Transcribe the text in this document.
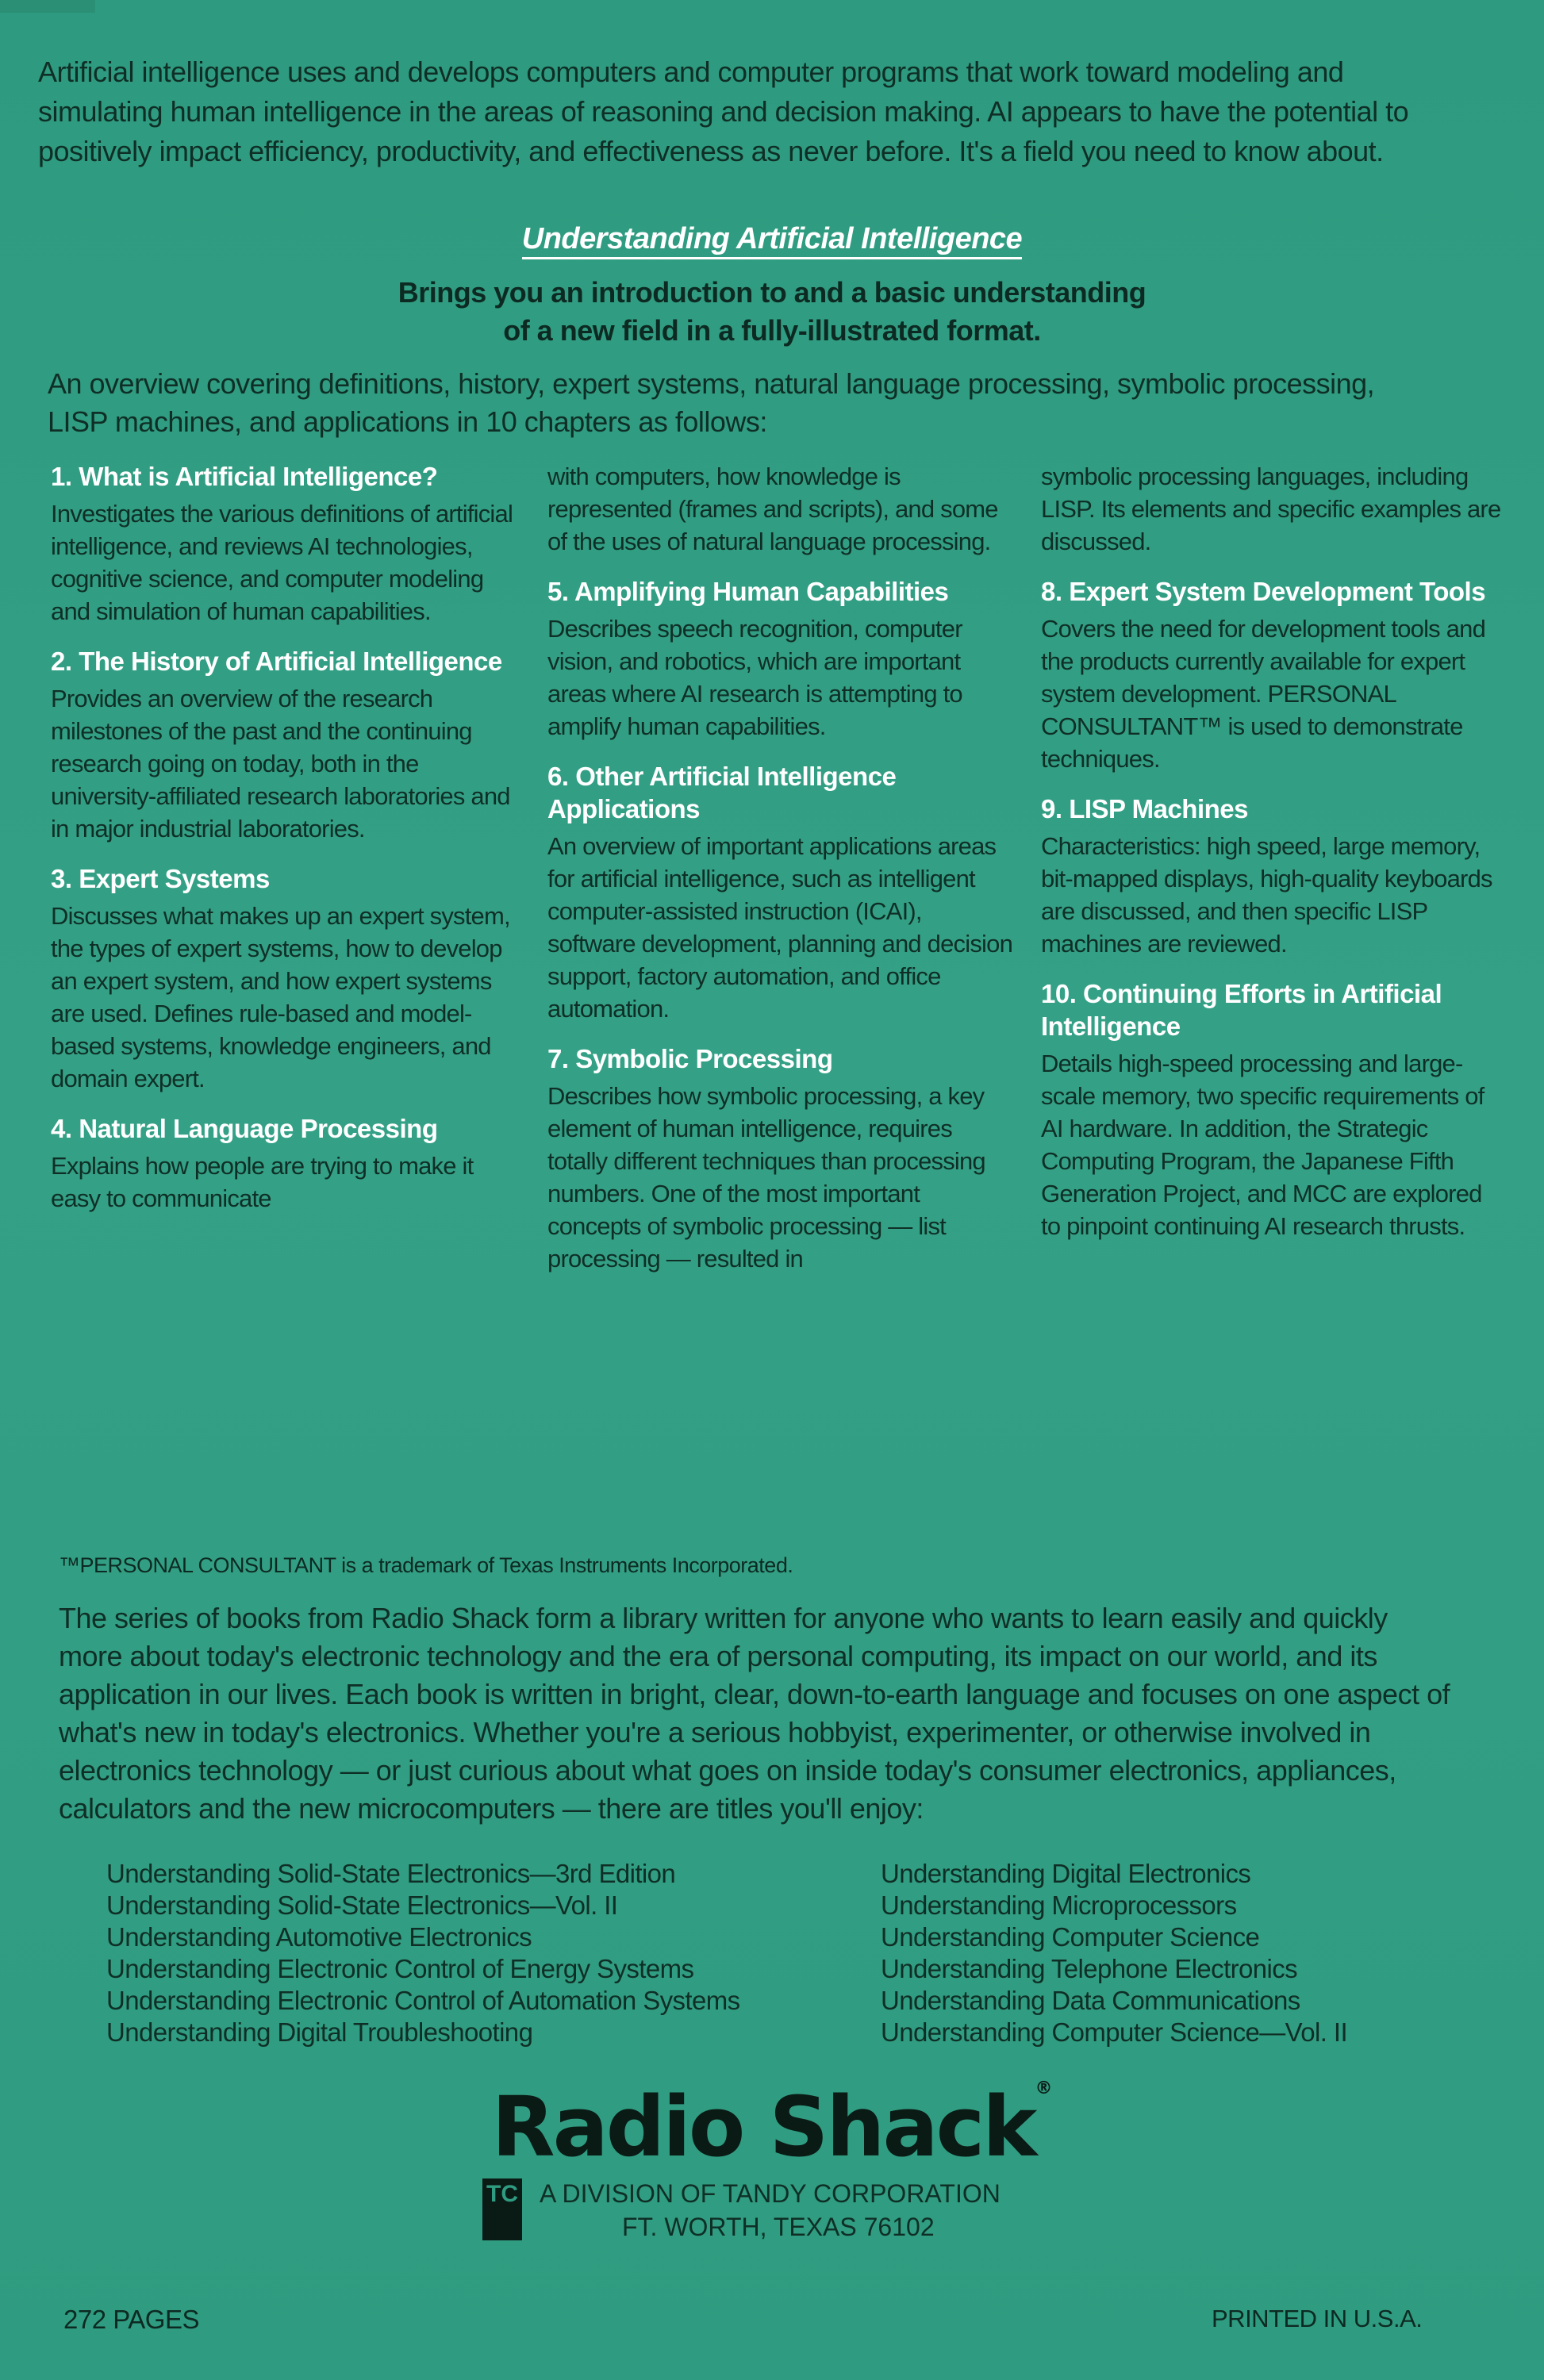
Artificial intelligence uses and develops computers and computer programs that work toward modeling and simulating human intelligence in the areas of reasoning and decision making. AI appears to have the potential to positively impact efficiency, productivity, and effectiveness as never before. It's a field you need to know about.
Understanding Artificial Intelligence
Brings you an introduction to and a basic understanding
of a new field in a fully-illustrated format.
An overview covering definitions, history, expert systems, natural language processing, symbolic processing, LISP machines, and applications in 10 chapters as follows:
1. What is Artificial Intelligence?
Investigates the various definitions of artificial intelligence, and reviews AI technologies, cognitive science, and computer modeling and simulation of human capabilities.
2. The History of Artificial Intelligence
Provides an overview of the research milestones of the past and the continuing research going on today, both in the university-affiliated research laboratories and in major industrial laboratories.
3. Expert Systems
Discusses what makes up an expert system, the types of expert systems, how to develop an expert system, and how expert systems are used. Defines rule-based and model-based systems, knowledge engineers, and domain expert.
4. Natural Language Processing
Explains how people are trying to make it easy to communicate
with computers, how knowledge is represented (frames and scripts), and some of the uses of natural language processing.
5. Amplifying Human Capabilities
Describes speech recognition, computer vision, and robotics, which are important areas where AI research is attempting to amplify human capabilities.
6. Other Artificial Intelligence Applications
An overview of important applications areas for artificial intelligence, such as intelligent computer-assisted instruction (ICAI), software development, planning and decision support, factory automation, and office automation.
7. Symbolic Processing
Describes how symbolic processing, a key element of human intelligence, requires totally different techniques than processing numbers. One of the most important concepts of symbolic processing — list processing — resulted in
symbolic processing languages, including LISP. Its elements and specific examples are discussed.
8. Expert System Development Tools
Covers the need for development tools and the products currently available for expert system development. PERSONAL CONSULTANT™ is used to demonstrate techniques.
9. LISP Machines
Characteristics: high speed, large memory, bit-mapped displays, high-quality keyboards are discussed, and then specific LISP machines are reviewed.
10. Continuing Efforts in Artificial Intelligence
Details high-speed processing and large-scale memory, two specific requirements of AI hardware. In addition, the Strategic Computing Program, the Japanese Fifth Generation Project, and MCC are explored to pinpoint continuing AI research thrusts.
™PERSONAL CONSULTANT is a trademark of Texas Instruments Incorporated.
The series of books from Radio Shack form a library written for anyone who wants to learn easily and quickly more about today's electronic technology and the era of personal computing, its impact on our world, and its application in our lives. Each book is written in bright, clear, down-to-earth language and focuses on one aspect of what's new in today's electronics. Whether you're a serious hobbyist, experimenter, or otherwise involved in electronics technology — or just curious about what goes on inside today's consumer electronics, appliances, calculators and the new microcomputers — there are titles you'll enjoy:
Understanding Solid-State Electronics—3rd Edition
Understanding Solid-State Electronics—Vol. II
Understanding Automotive Electronics
Understanding Electronic Control of Energy Systems
Understanding Electronic Control of Automation Systems
Understanding Digital Troubleshooting
Understanding Digital Electronics
Understanding Microprocessors
Understanding Computer Science
Understanding Telephone Electronics
Understanding Data Communications
Understanding Computer Science—Vol. II
Radio Shack®
TC A DIVISION OF TANDY CORPORATION
FT. WORTH, TEXAS 76102
272 PAGES	PRINTED IN U.S.A.
